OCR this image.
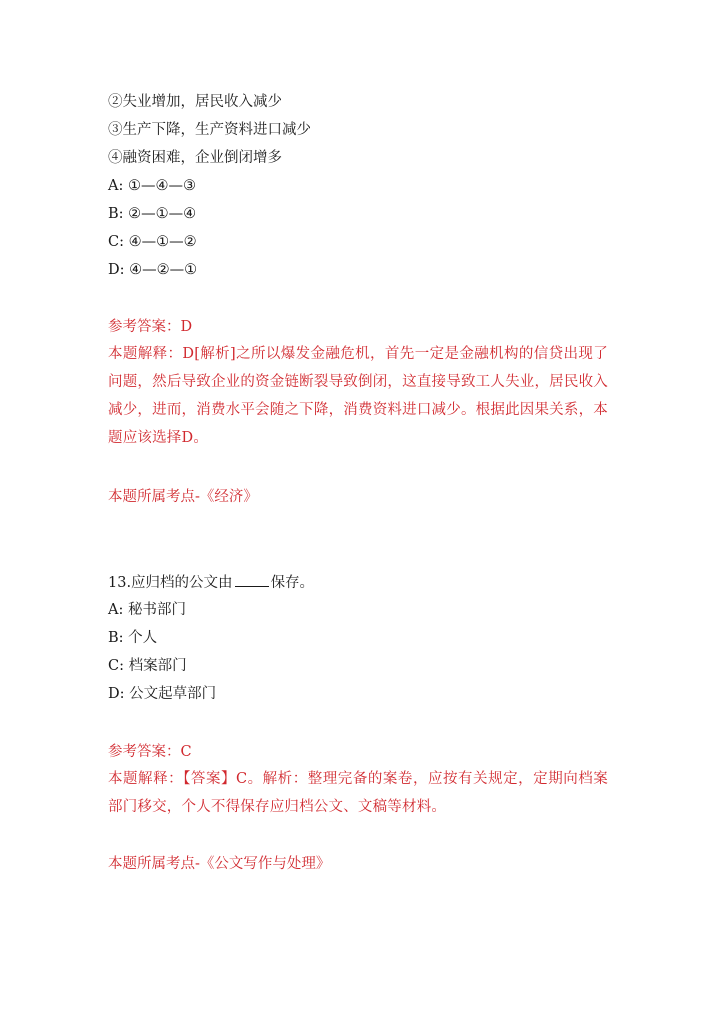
②失业增加，居民收入减少
③生产下降，生产资料进口减少
④融资困难，企业倒闭增多
A: ①—④—③
B: ②—①—④
C: ④—①—②
D: ④—②—①
参考答案：D
本题解释：D[解析]之所以爆发金融危机，首先一定是金融机构的信贷出现了问题，然后导致企业的资金链断裂导致倒闭，这直接导致工人失业，居民收入减少，进而，消费水平会随之下降，消费资料进口减少。根据此因果关系，本题应该选择D。
本题所属考点-《经济》
13.应归档的公文由	保存。
A: 秘书部门
B: 个人
C: 档案部门
D: 公文起草部门
参考答案：C
本题解释：【答案】C。解析：整理完备的案卷，应按有关规定，定期向档案部门移交，个人不得保存应归档公文、文稿等材料。
本题所属考点-《公文写作与处理》
